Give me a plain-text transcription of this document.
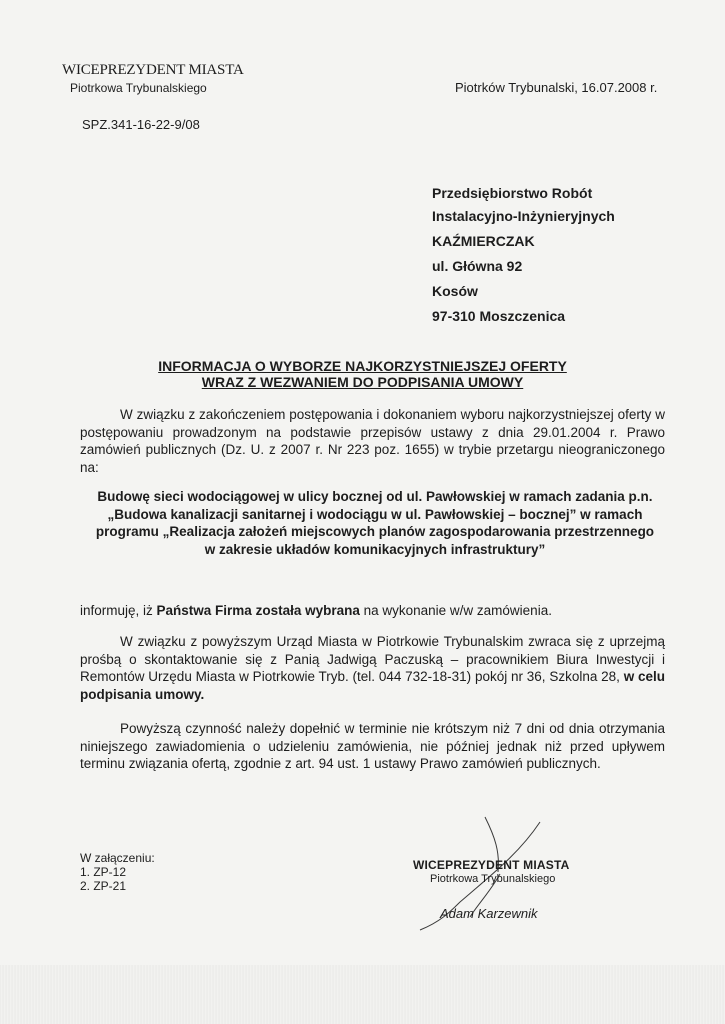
WICEPREZYDENT MIASTA
Piotrkowa Trybunalskiego	Piotrków Trybunalski, 16.07.2008 r.
SPZ.341-16-22-9/08
Przedsiębiorstwo Robót
Instalacyjno-Inżynieryjnych
KAŹMIERCZAK
ul. Główna 92
Kosów
97-310 Moszczenica
INFORMACJA O WYBORZE NAJKORZYSTNIEJSZEJ OFERTY
WRAZ Z WEZWANIEM DO PODPISANIA UMOWY
W związku z zakończeniem postępowania i dokonaniem wyboru najkorzystniejszej oferty w postępowaniu prowadzonym na podstawie przepisów ustawy z dnia 29.01.2004 r. Prawo zamówień publicznych (Dz. U. z 2007 r. Nr 223 poz. 1655) w trybie przetargu nieograniczonego na:
Budowę sieci wodociągowej w ulicy bocznej od ul. Pawłowskiej w ramach zadania p.n. „Budowa kanalizacji sanitarnej i wodociągu w ul. Pawłowskiej – bocznej” w ramach programu „Realizacja założeń miejscowych planów zagospodarowania przestrzennego w zakresie układów komunikacyjnych infrastruktury”
informuję, iż Państwa Firma została wybrana na wykonanie w/w zamówienia.
W związku z powyższym Urząd Miasta w Piotrkowie Trybunalskim zwraca się z uprzejmą prośbą o skontaktowanie się z Panią Jadwigą Paczuską – pracownikiem Biura Inwestycji i Remontów Urzędu Miasta w Piotrkowie Tryb. (tel. 044 732-18-31) pokój nr 36, Szkolna 28, w celu podpisania umowy.
Powyższą czynność należy dopełnić w terminie nie krótszym niż 7 dni od dnia otrzymania niniejszego zawiadomienia o udzieleniu zamówienia, nie później jednak niż przed upływem terminu związania ofertą, zgodnie z art. 94 ust. 1 ustawy Prawo zamówień publicznych.
W załączeniu:
1. ZP-12
2. ZP-21
WICEPREZYDENT MIASTA
Piotrkowa Trybunalskiego
Adam Karzewnik
